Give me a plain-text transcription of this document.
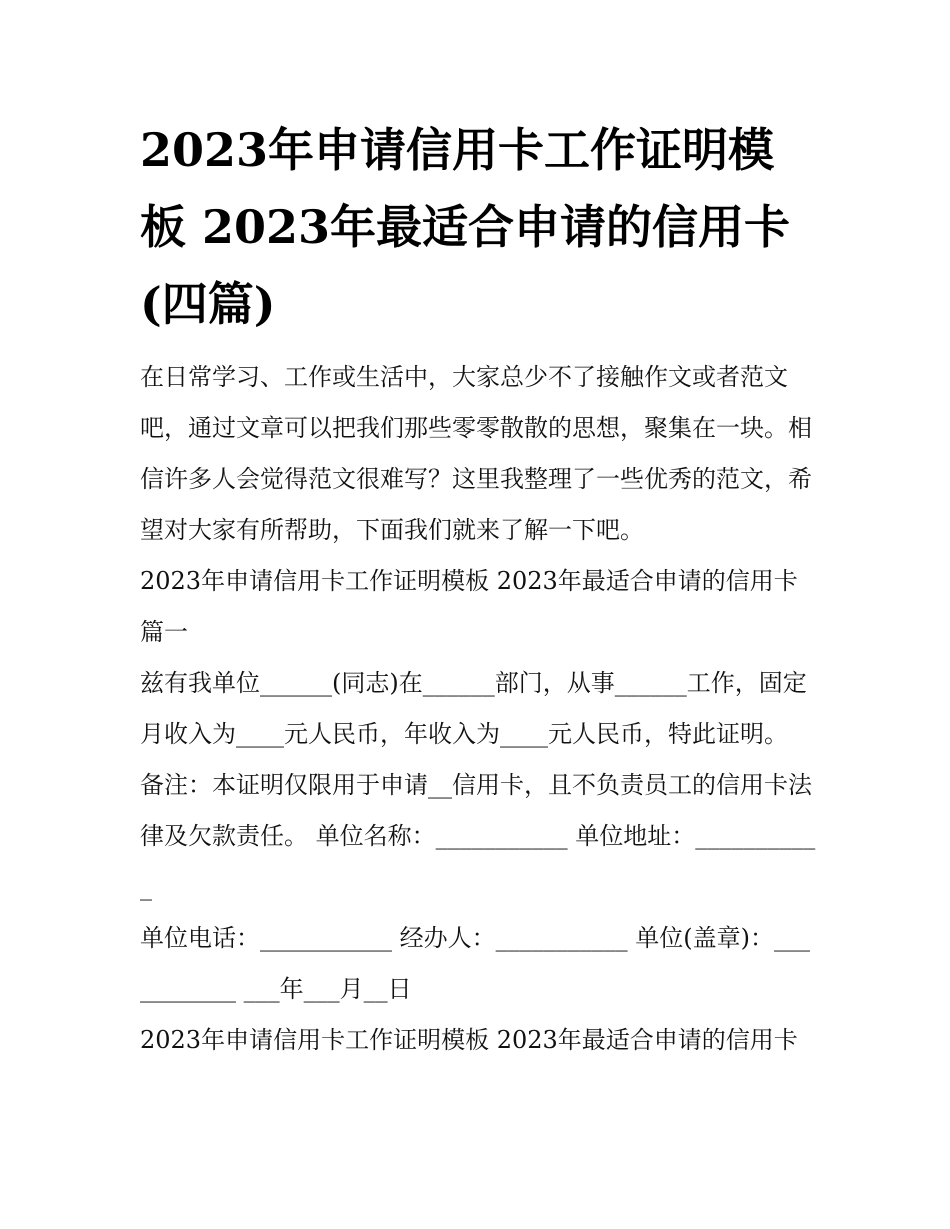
2023年申请信用卡工作证明模板 2023年最适合申请的信用卡(四篇)

在日常学习、工作或生活中，大家总少不了接触作文或者范文吧，通过文章可以把我们那些零零散散的思想，聚集在一块。相信许多人会觉得范文很难写？这里我整理了一些优秀的范文，希望对大家有所帮助，下面我们就来了解一下吧。

2023年申请信用卡工作证明模板 2023年最适合申请的信用卡篇一

兹有我单位______(同志)在______部门，从事______工作，固定月收入为____元人民币，年收入为____元人民币，特此证明。

备注：本证明仅限用于申请__信用卡，且不负责员工的信用卡法律及欠款责任。 单位名称：___________ 单位地址：___________

单位电话：___________ 经办人：___________ 单位(盖章)：___________ ___年___月__日

2023年申请信用卡工作证明模板 2023年最适合申请的信用卡
